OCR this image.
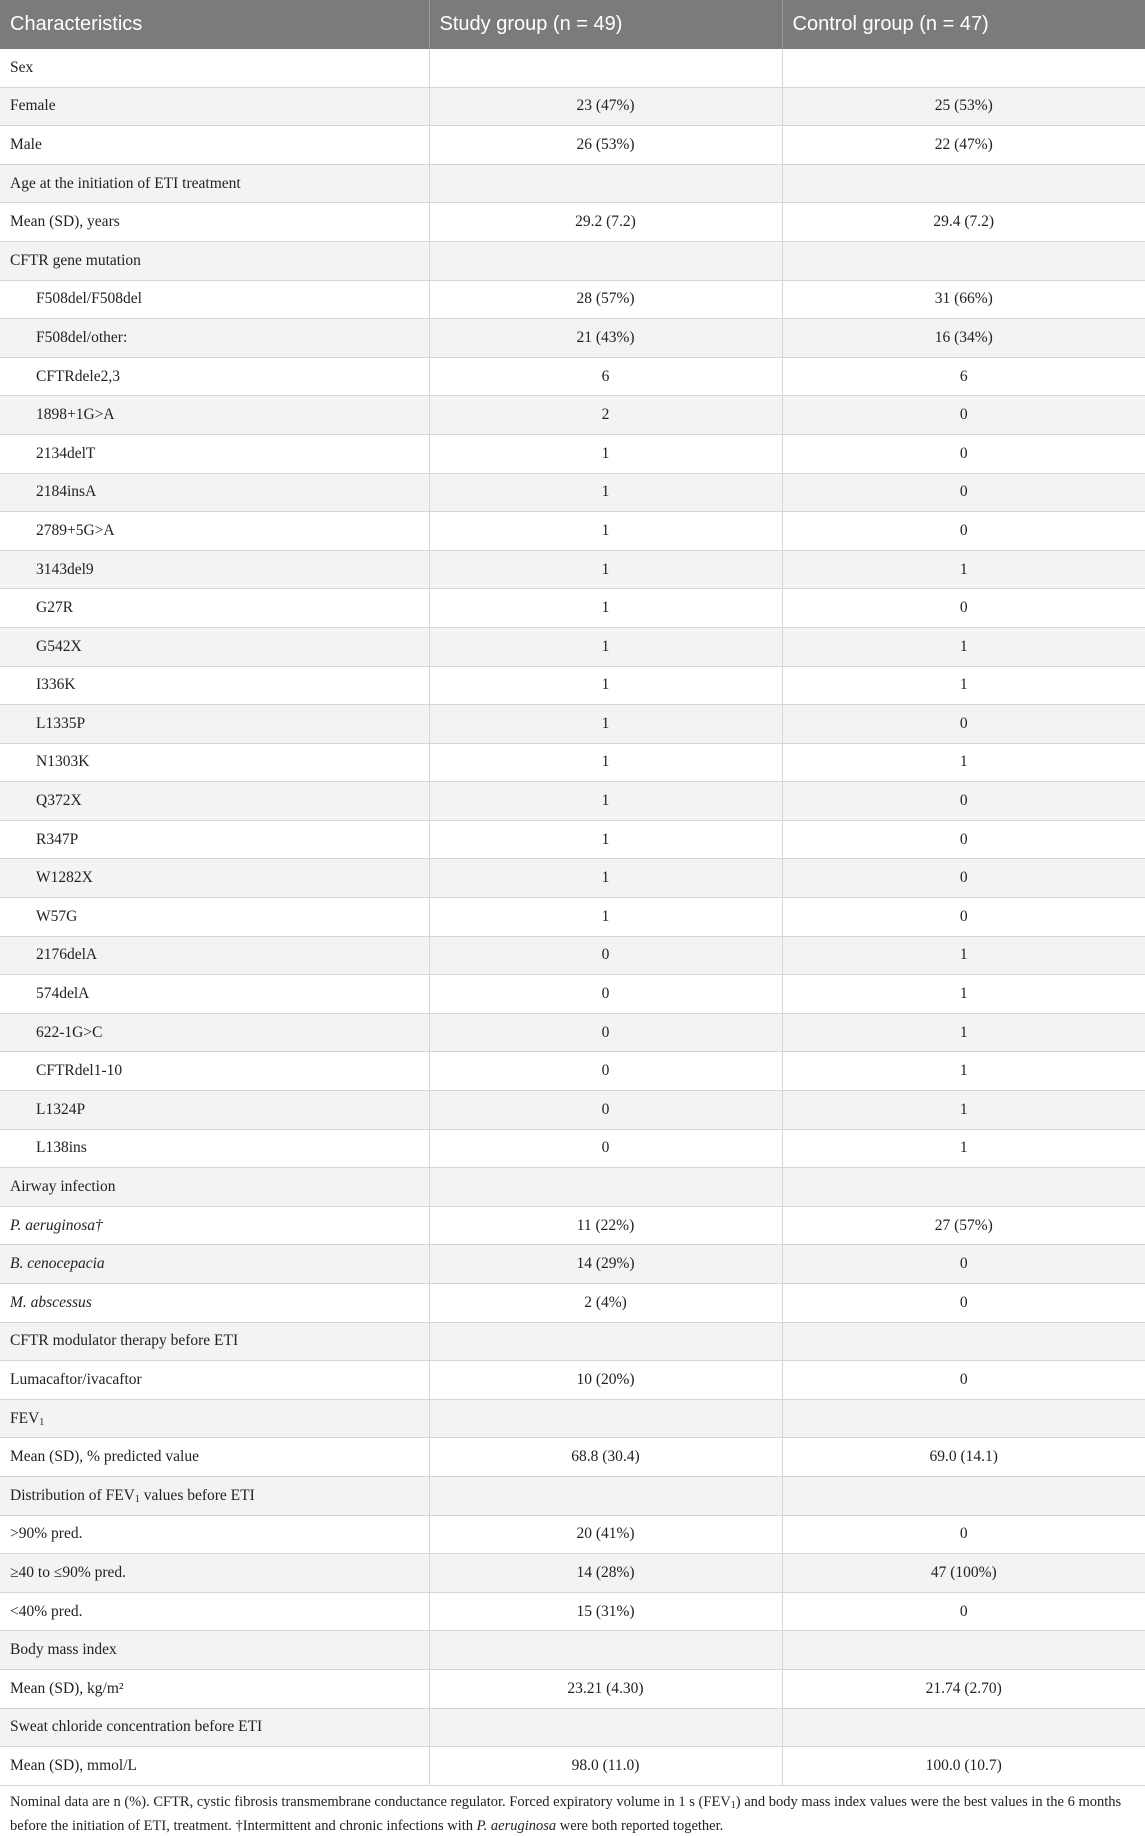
Characteristics	Study group (n = 49)	Control group (n = 47)
Sex		
Female	23 (47%)	25 (53%)
Male	26 (53%)	22 (47%)
Age at the initiation of ETI treatment		
Mean (SD), years	29.2 (7.2)	29.4 (7.2)
CFTR gene mutation		
F508del/F508del	28 (57%)	31 (66%)
F508del/other:	21 (43%)	16 (34%)
CFTRdele2,3	6	6
1898+1G>A	2	0
2134delT	1	0
2184insA	1	0
2789+5G>A	1	0
3143del9	1	1
G27R	1	0
G542X	1	1
I336K	1	1
L1335P	1	0
N1303K	1	1
Q372X	1	0
R347P	1	0
W1282X	1	0
W57G	1	0
2176delA	0	1
574delA	0	1
622-1G>C	0	1
CFTRdel1-10	0	1
L1324P	0	1
L138ins	0	1
Airway infection		
P. aeruginosa†	11 (22%)	27 (57%)
B. cenocepacia	14 (29%)	0
M. abscessus	2 (4%)	0
CFTR modulator therapy before ETI		
Lumacaftor/ivacaftor	10 (20%)	0
$FEV_1$		
Mean (SD), % predicted value	68.8 (30.4)	69.0 (14.1)
Distribution of $FEV_1$ values before ETI		
>90% pred.	20 (41%)	0
≥40 to ≤90% pred.	14 (28%)	47 (100%)
<40% pred.	15 (31%)	0
Body mass index		
Mean (SD), kg/m²	23.21 (4.30)	21.74 (2.70)
Sweat chloride concentration before ETI		
Mean (SD), mmol/L	98.0 (11.0)	100.0 (10.7)
Nominal data are n (%). CFTR, cystic fibrosis transmembrane conductance regulator. Forced expiratory volume in 1 s $(FEV_1)$ and body mass index values were the best values in the 6 months before the initiation of ETI, treatment. †Intermittent and chronic infections with P. aeruginosa were both reported together.
